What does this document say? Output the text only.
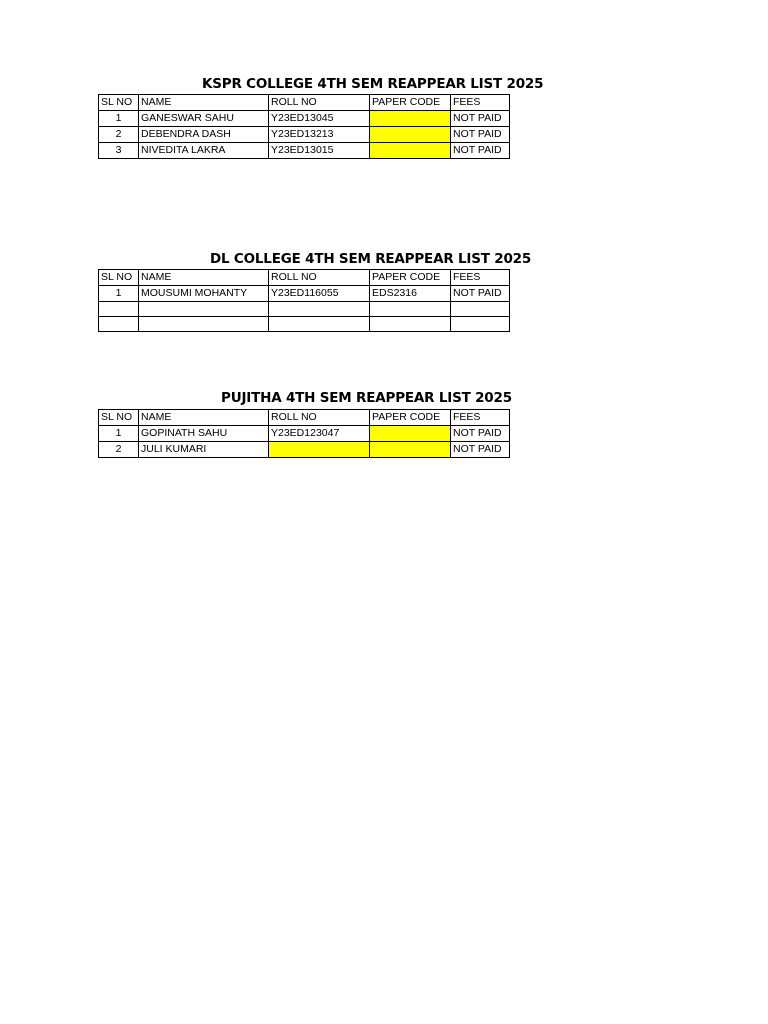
KSPR COLLEGE 4TH SEM REAPPEAR LIST 2025
SL NO	NAME	ROLL NO	PAPER CODE	FEES
1	GANESWAR SAHU	Y23ED13045		NOT PAID
2	DEBENDRA DASH	Y23ED13213		NOT PAID
3	NIVEDITA LAKRA	Y23ED13015		NOT PAID
DL COLLEGE 4TH SEM REAPPEAR LIST 2025
SL NO	NAME	ROLL NO	PAPER CODE	FEES
1	MOUSUMI MOHANTY	Y23ED116055	EDS2316	NOT PAID

PUJITHA 4TH SEM REAPPEAR LIST 2025
SL NO	NAME	ROLL NO	PAPER CODE	FEES
1	GOPINATH SAHU	Y23ED123047		NOT PAID
2	JULI KUMARI			NOT PAID
